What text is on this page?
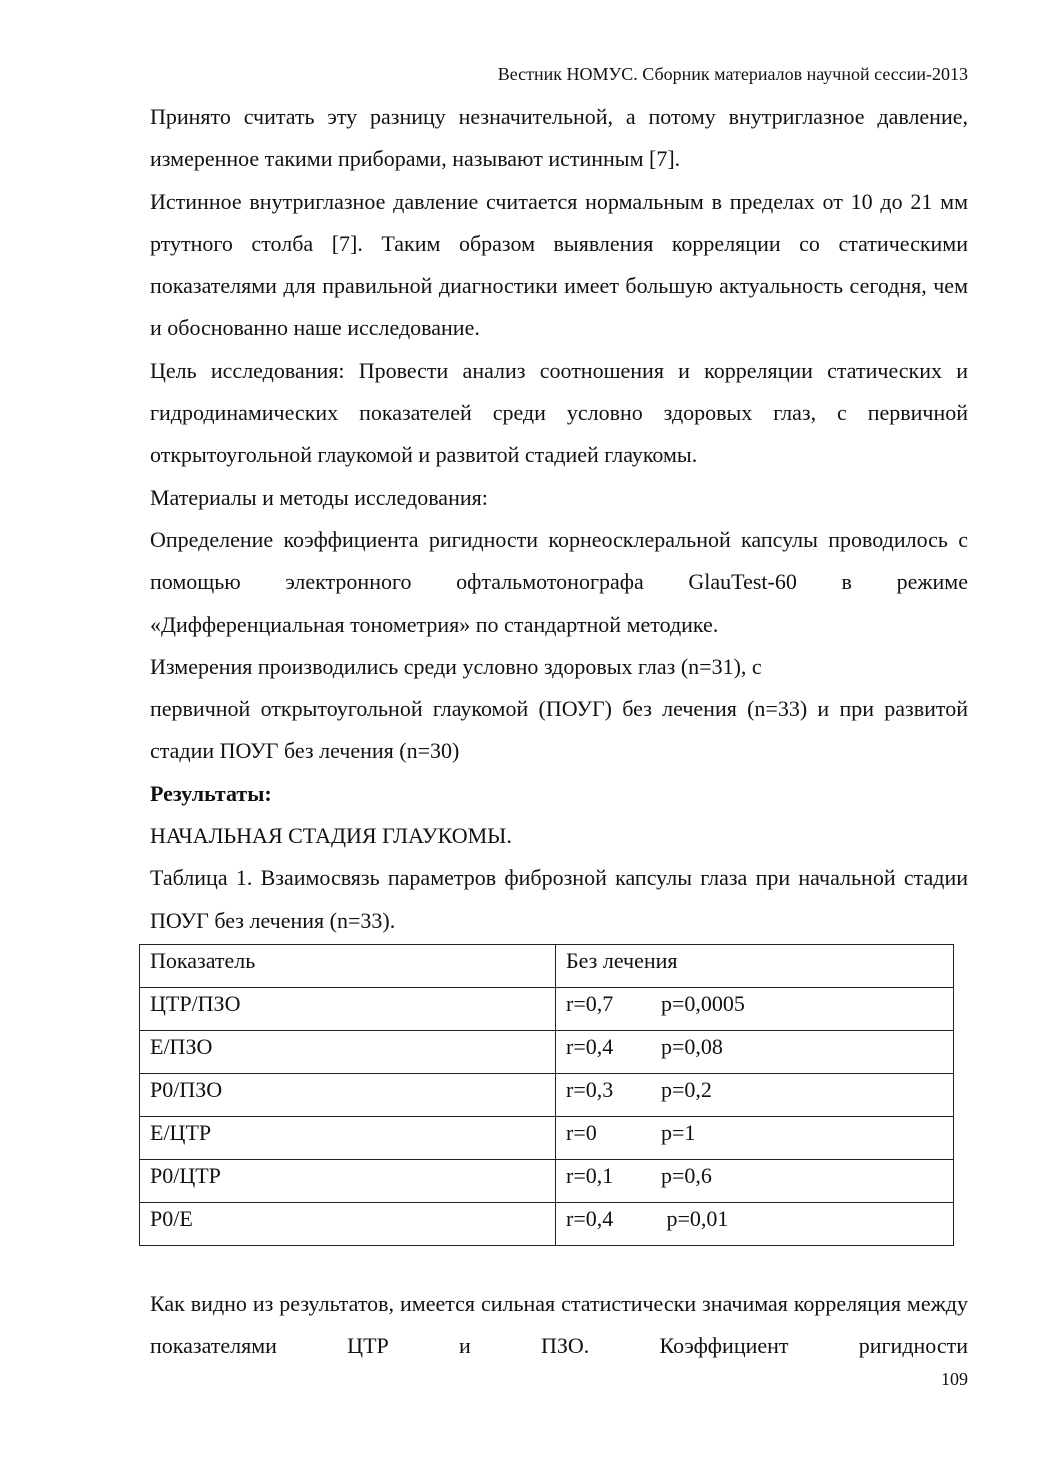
Вестник НОМУС. Сборник материалов научной сессии-2013

Принято считать эту разницу незначительной, а потому внутриглазное давление, измеренное такими приборами, называют истинным [7].

Истинное внутриглазное давление считается нормальным в пределах от 10 до 21 мм ртутного столба [7]. Таким образом выявления корреляции со статическими показателями для правильной диагностики имеет большую актуальность сегодня, чем и обоснованно наше исследование.

Цель исследования: Провести анализ соотношения и корреляции статических и гидродинамических показателей среди условно здоровых глаз, с первичной открытоугольной глаукомой и развитой стадией глаукомы.

Материалы и методы исследования:

Определение коэффициента ригидности корнеосклеральной капсулы проводилось с помощью электронного офтальмотонографа GlauTest-60 в режиме «Дифференциальная тонометрия» по стандартной методике.

Измерения производились среди условно здоровых глаз (n=31), с

первичной открытоугольной глаукомой (ПОУГ) без лечения (n=33) и при развитой стадии ПОУГ без лечения (n=30)

Результаты:

НАЧАЛЬНАЯ СТАДИЯ ГЛАУКОМЫ.

Таблица 1. Взаимосвязь параметров фиброзной капсулы глаза при начальной стадии ПОУГ без лечения (n=33).

Показатель	Без лечения
ЦТР/ПЗО	r=0,7 p=0,0005
Е/ПЗО	r=0,4 p=0,08
Р0/ПЗО	r=0,3 p=0,2
Е/ЦТР	r=0 p=1
Р0/ЦТР	r=0,1 p=0,6
Р0/Е	r=0,4 p=0,01

Как видно из результатов, имеется сильная статистически значимая корреляция между показателями ЦТР и ПЗО. Коэффициент ригидности

109
